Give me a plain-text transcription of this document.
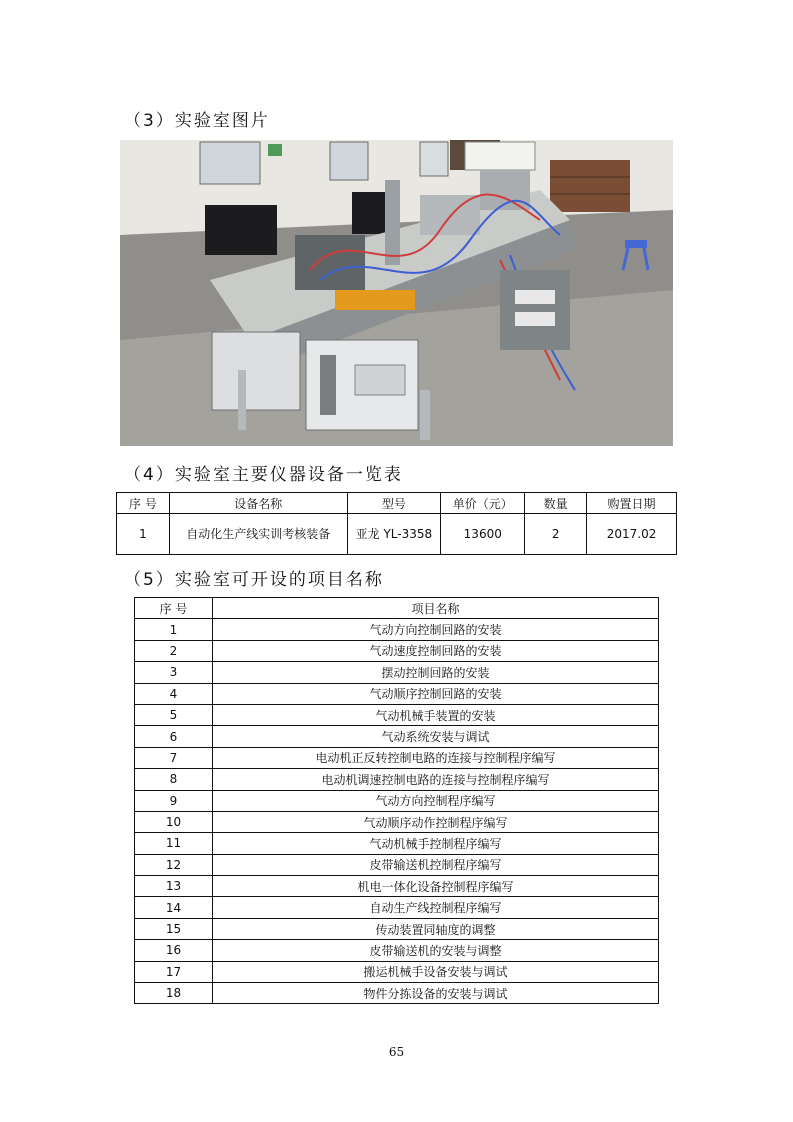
（3）实验室图片
（4）实验室主要仪器设备一览表
序 号	设备名称	型号	单价（元）	数量	购置日期
1	自动化生产线实训考核装备	亚龙 YL-3358	13600	2	2017.02
（5）实验室可开设的项目名称
序 号	项目名称
1	气动方向控制回路的安装
2	气动速度控制回路的安装
3	摆动控制回路的安装
4	气动顺序控制回路的安装
5	气动机械手装置的安装
6	气动系统安装与调试
7	电动机正反转控制电路的连接与控制程序编写
8	电动机调速控制电路的连接与控制程序编写
9	气动方向控制程序编写
10	气动顺序动作控制程序编写
11	气动机械手控制程序编写
12	皮带输送机控制程序编写
13	机电一体化设备控制程序编写
14	自动生产线控制程序编写
15	传动装置同轴度的调整
16	皮带输送机的安装与调整
17	搬运机械手设备安装与调试
18	物件分拣设备的安装与调试
65
